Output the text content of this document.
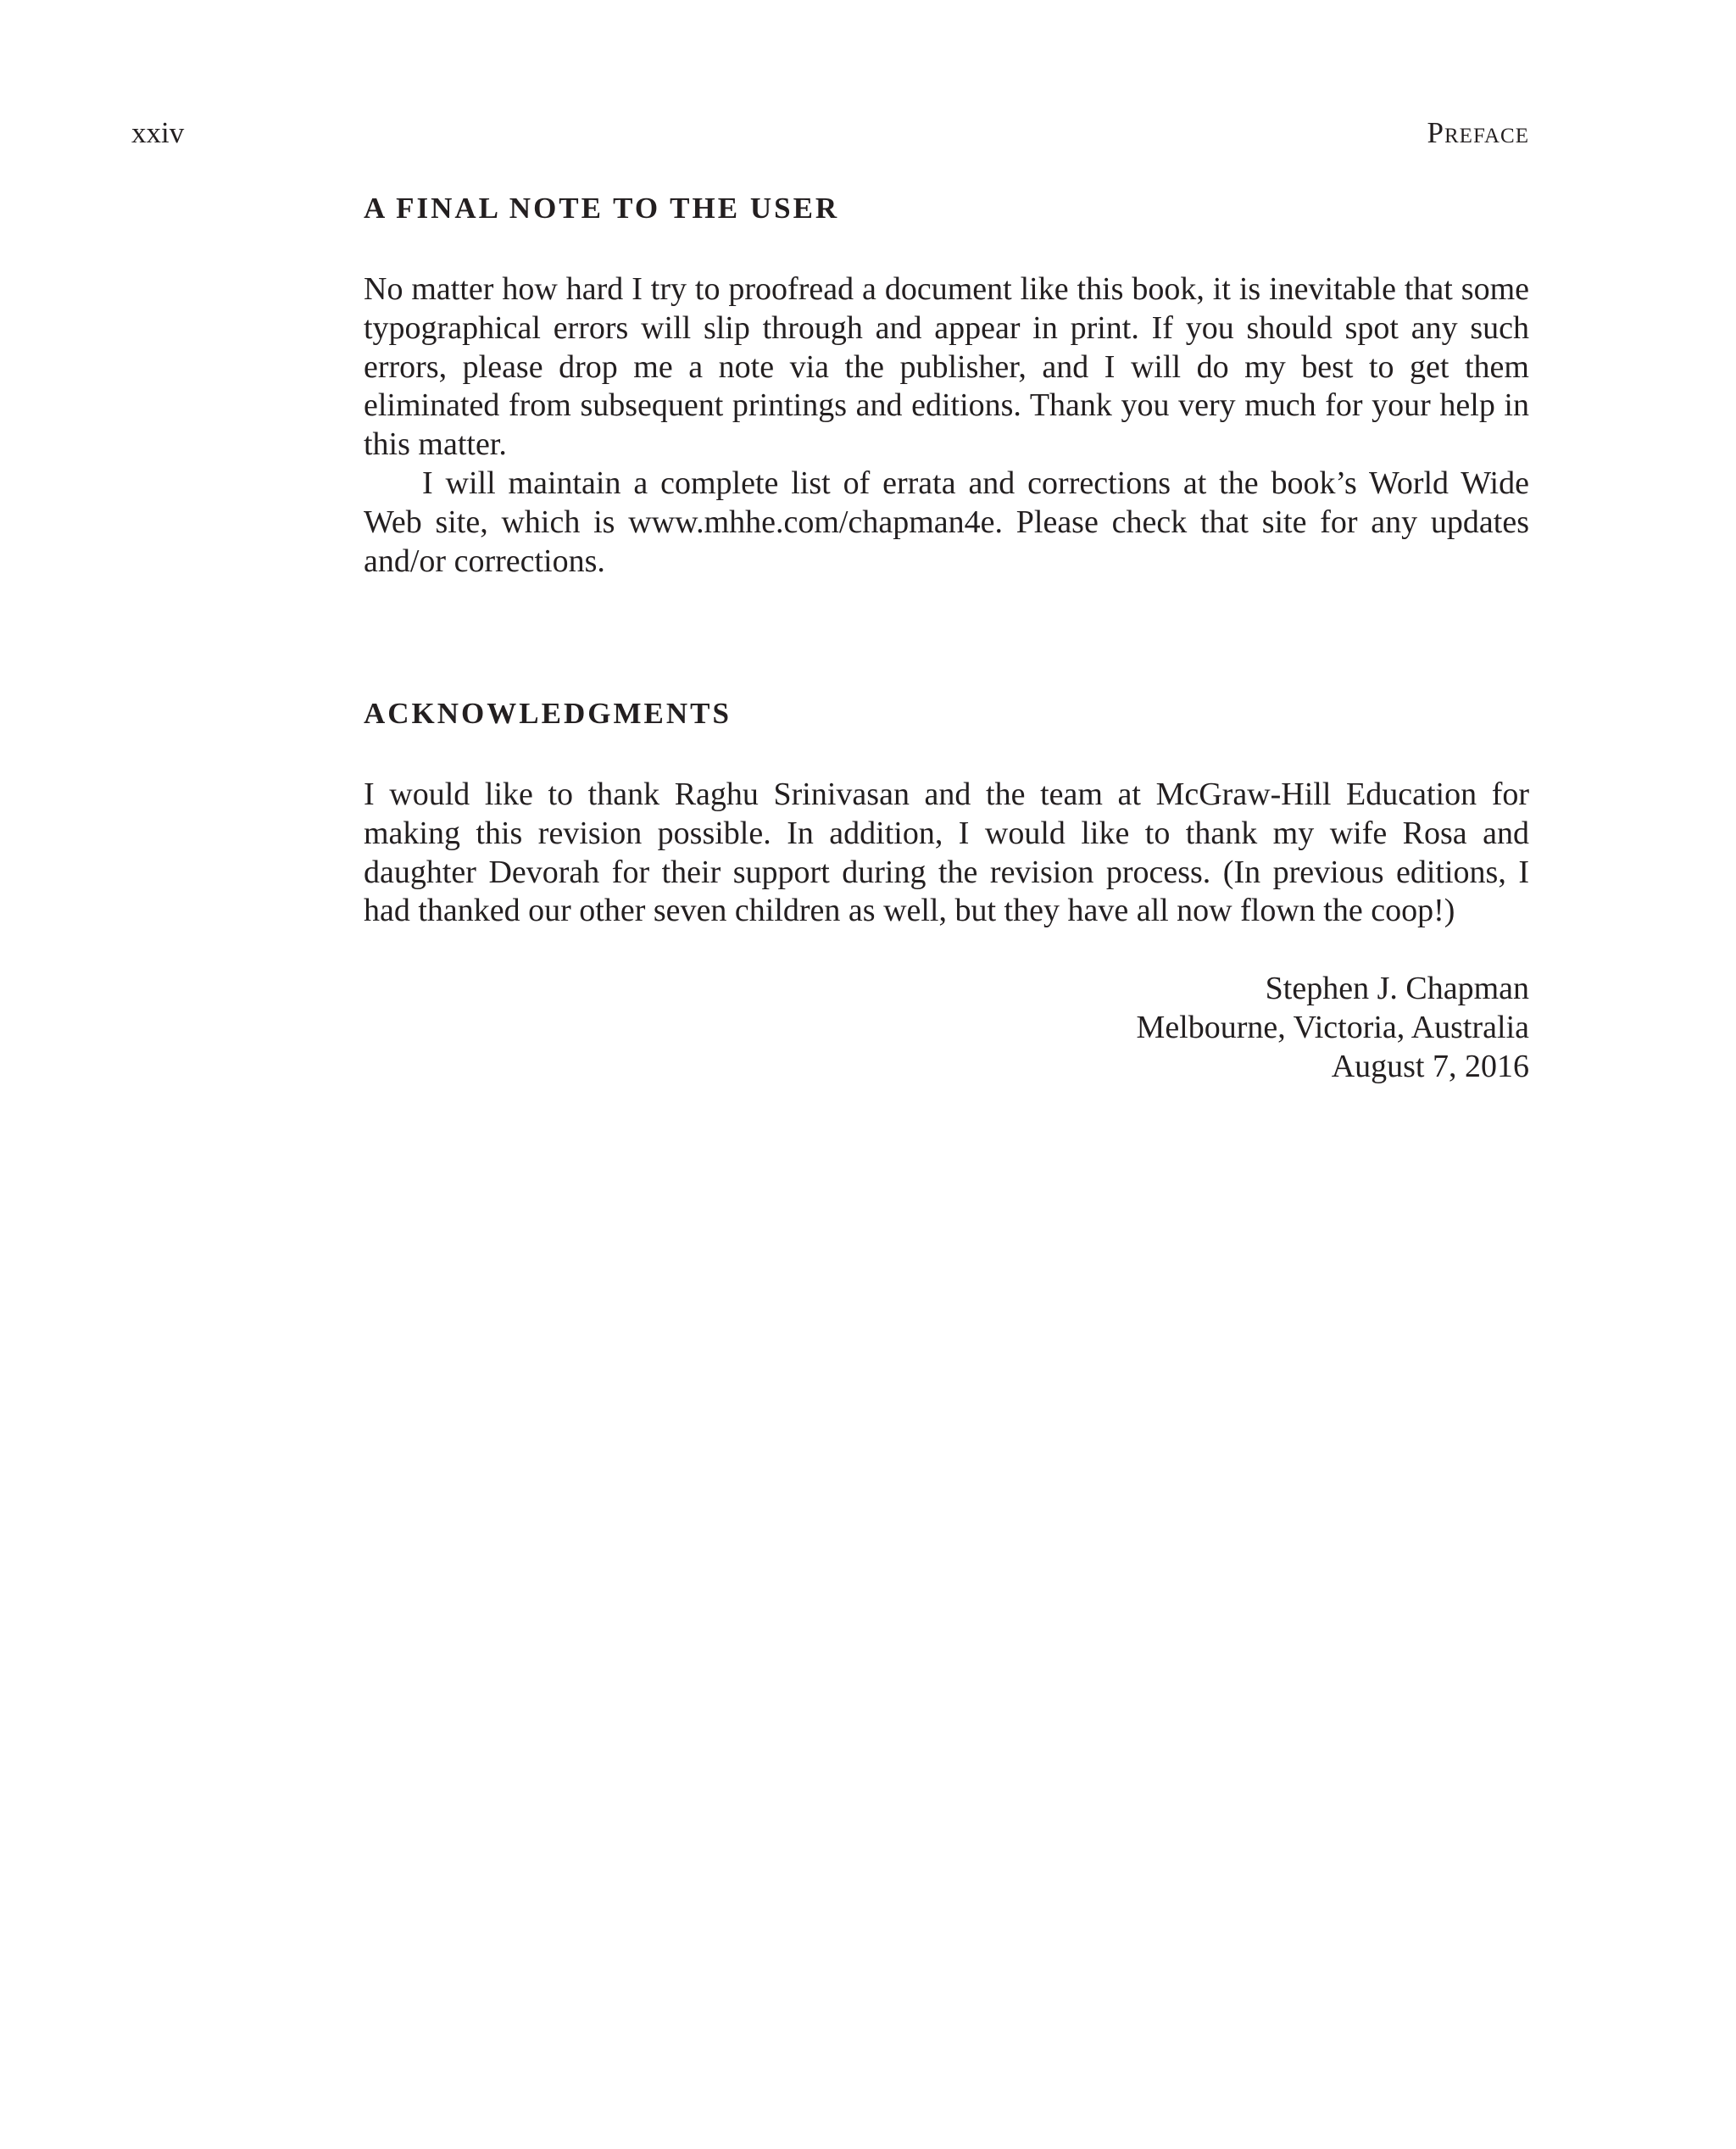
xxiv	Preface
A FINAL NOTE TO THE USER

No matter how hard I try to proofread a document like this book, it is inevitable that some typographical errors will slip through and appear in print. If you should spot any such errors, please drop me a note via the publisher, and I will do my best to get them eliminated from subsequent printings and editions. Thank you very much for your help in this matter.

I will maintain a complete list of errata and corrections at the book’s World Wide Web site, which is www.mhhe.com/chapman4e. Please check that site for any updates and/or corrections.

ACKNOWLEDGMENTS

I would like to thank Raghu Srinivasan and the team at McGraw-Hill Education for making this revision possible. In addition, I would like to thank my wife Rosa and daughter Devorah for their support during the revision process. (In previous editions, I had thanked our other seven children as well, but they have all now flown the coop!)

Stephen J. Chapman
Melbourne, Victoria, Australia
August 7, 2016
